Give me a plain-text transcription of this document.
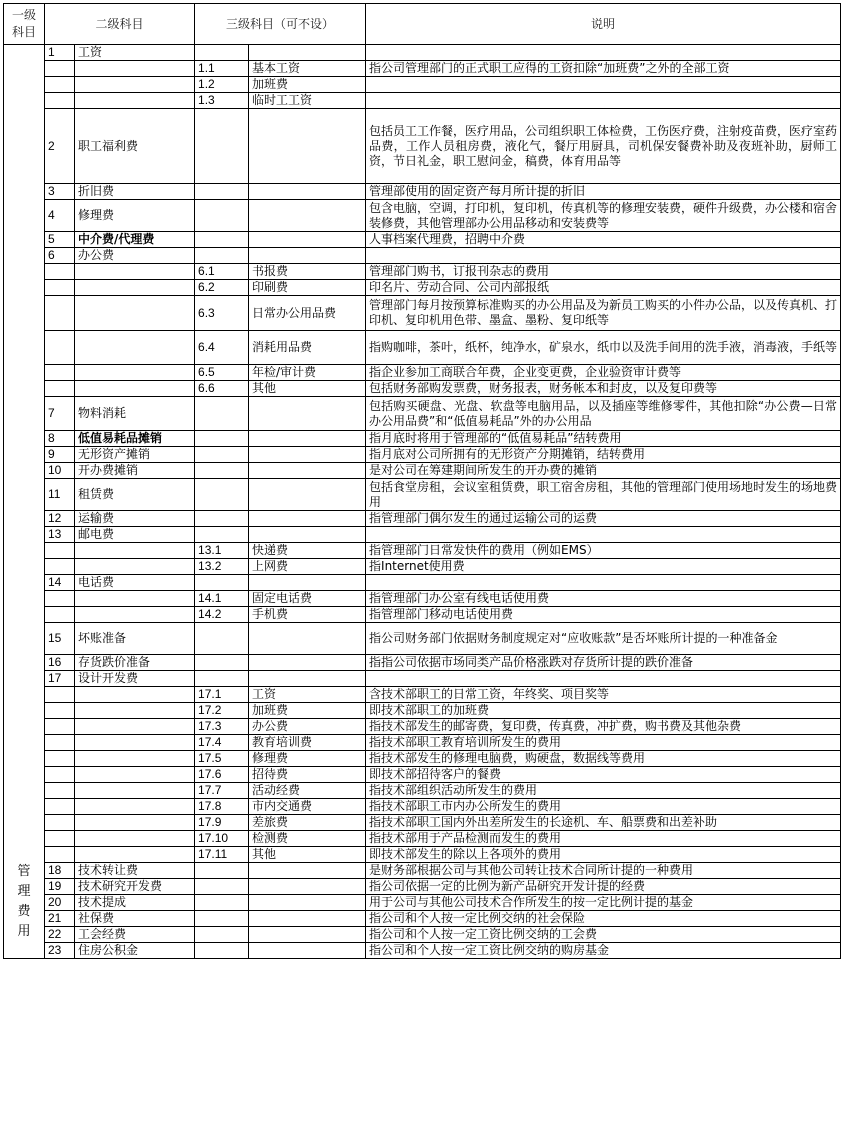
一级
科目	二级科目		三级科目（可不设）		说明

管
理
费
用	1	工资			
			1.1	基本工资	指公司管理部门的正式职工应得的工资扣除“加班费”之外的全部工资
			1.2	加班费	
			1.3	临时工工资	
	2	职工福利费			包括员工工作餐，医疗用品，公司组织职工体检费，工伤医疗费，注射疫苗费，医疗室药品费，工作人员租房费，液化气，餐厅用厨具，司机保安餐费补助及夜班补助，厨师工资，节日礼金，职工慰问金，稿费，体育用品等
	3	折旧费			管理部使用的固定资产每月所计提的折旧
	4	修理费			包含电脑，空调，打印机，复印机，传真机等的修理安装费，硬件升级费，办公楼和宿舍装修费，其他管理部办公用品移动和安装费等
	5	中介费/代理费			人事档案代理费，招聘中介费
	6	办公费			
			6.1	书报费	管理部门购书，订报刊杂志的费用
			6.2	印刷费	印名片、劳动合同、公司内部报纸
			6.3	日常办公用品费	管理部门每月按预算标准购买的办公用品及为新员工购买的小件办公品，以及传真机、打印机、复印机用色带、墨盒、墨粉、复印纸等
			6.4	消耗用品费	指购咖啡，茶叶，纸杯，纯净水，矿泉水，纸巾以及洗手间用的洗手液，消毒液，手纸等
			6.5	年检/审计费	指企业参加工商联合年费，企业变更费，企业验资审计费等
			6.6	其他	包括财务部购发票费，财务报表，财务帐本和封皮，以及复印费等
	7	物料消耗			包括购买硬盘、光盘、软盘等电脑用品，以及插座等维修零件，其他扣除“办公费—日常办公用品费”和“低值易耗品”外的办公用品
	8	低值易耗品摊销			指月底时将用于管理部的“低值易耗品”结转费用
	9	无形资产摊销			指月底对公司所拥有的无形资产分期摊销，结转费用
	10	开办费摊销			是对公司在筹建期间所发生的开办费的摊销
	11	租赁费			包括食堂房租，会议室租赁费，职工宿舍房租，其他的管理部门使用场地时发生的场地费用
	12	运输费			指管理部门偶尔发生的通过运输公司的运费
	13	邮电费			
			13.1	快递费	指管理部门日常发快件的费用（例如EMS）
			13.2	上网费	指Internet使用费
	14	电话费			
			14.1	固定电话费	指管理部门办公室有线电话使用费
			14.2	手机费	指管理部门移动电话使用费
	15	坏账准备			指公司财务部门依据财务制度规定对“应收账款”是否坏账所计提的一种准备金
	16	存货跌价准备			指指公司依据市场同类产品价格涨跌对存货所计提的跌价准备
	17	设计开发费			
			17.1	工资	含技术部职工的日常工资，年终奖、项目奖等
			17.2	加班费	即技术部职工的加班费
			17.3	办公费	指技术部发生的邮寄费，复印费，传真费，冲扩费，购书费及其他杂费
			17.4	教育培训费	指技术部职工教育培训所发生的费用
			17.5	修理费	指技术部发生的修理电脑费，购硬盘，数据线等费用
			17.6	招待费	即技术部招待客户的餐费
			17.7	活动经费	指技术部组织活动所发生的费用
			17.8	市内交通费	指技术部职工市内办公所发生的费用
			17.9	差旅费	指技术部职工国内外出差所发生的长途机、车、船票费和出差补助
			17.10	检测费	指技术部用于产品检测而发生的费用
			17.11	其他	即技术部发生的除以上各项外的费用
	18	技术转让费			是财务部根据公司与其他公司转让技术合同所计提的一种费用
	19	技术研究开发费			指公司依据一定的比例为新产品研究开发计提的经费
	20	技术提成			用于公司与其他公司技术合作所发生的按一定比例计提的基金
	21	社保费			指公司和个人按一定比例交纳的社会保险
	22	工会经费			指公司和个人按一定工资比例交纳的工会费
	23	住房公积金			指公司和个人按一定工资比例交纳的购房基金
